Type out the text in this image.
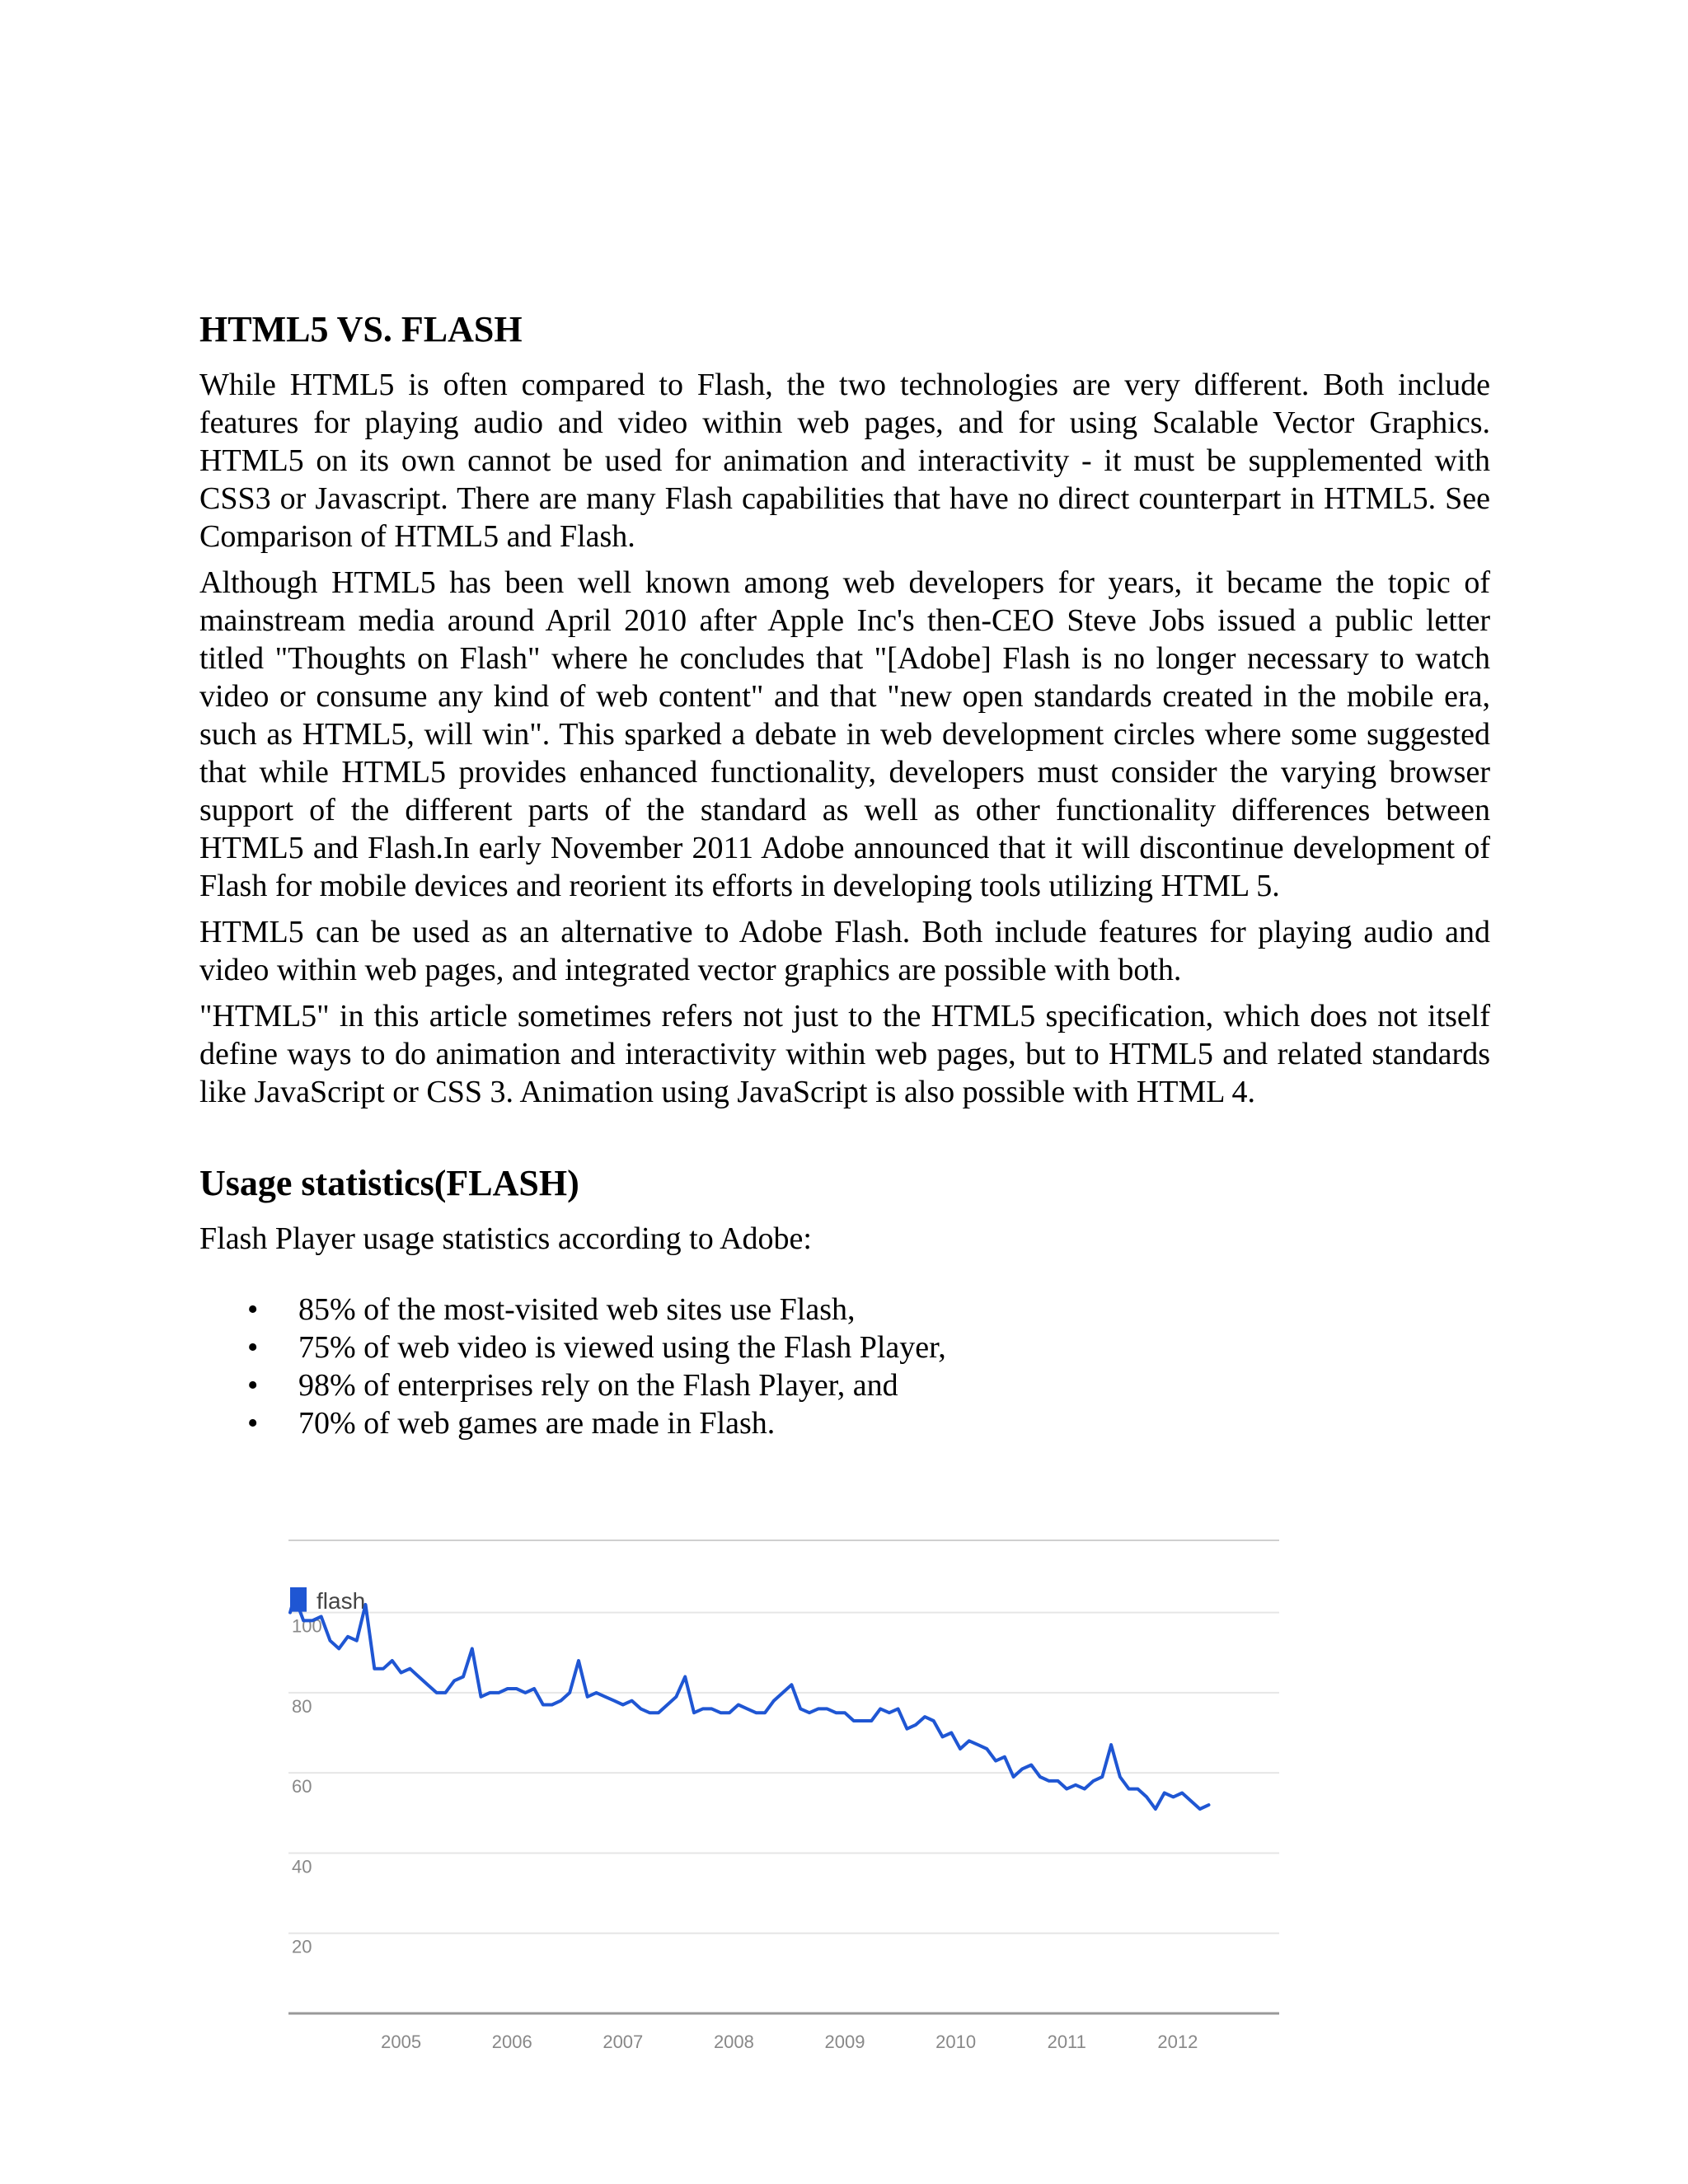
HTML5 VS. FLASH

While HTML5 is often compared to Flash, the two technologies are very different. Both include features for playing audio and video within web pages, and for using Scalable Vector Graphics. HTML5 on its own cannot be used for animation and interactivity - it must be supplemented with CSS3 or Javascript. There are many Flash capabilities that have no direct counterpart in HTML5. See Comparison of HTML5 and Flash.

Although HTML5 has been well known among web developers for years, it became the topic of mainstream media around April 2010 after Apple Inc's then-CEO Steve Jobs issued a public letter titled "Thoughts on Flash" where he concludes that "[Adobe] Flash is no longer necessary to watch video or consume any kind of web content" and that "new open standards created in the mobile era, such as HTML5, will win". This sparked a debate in web development circles where some suggested that while HTML5 provides enhanced functionality, developers must consider the varying browser support of the different parts of the standard as well as other functionality differences between HTML5 and Flash.In early November 2011 Adobe announced that it will discontinue development of Flash for mobile devices and reorient its efforts in developing tools utilizing HTML 5.

HTML5 can be used as an alternative to Adobe Flash. Both include features for playing audio and video within web pages, and integrated vector graphics are possible with both.

"HTML5" in this article sometimes refers not just to the HTML5 specification, which does not itself define ways to do animation and interactivity within web pages, but to HTML5 and related standards like JavaScript or CSS 3. Animation using JavaScript is also possible with HTML 4.

Usage statistics(FLASH)

Flash Player usage statistics according to Adobe:

• 85% of the most-visited web sites use Flash,
• 75% of web video is viewed using the Flash Player,
• 98% of enterprises rely on the Flash Player, and
• 70% of web games are made in Flash.
flash
100
80
60
40
20
2005	2006	2007	2008	2009	2010	2011	2012
